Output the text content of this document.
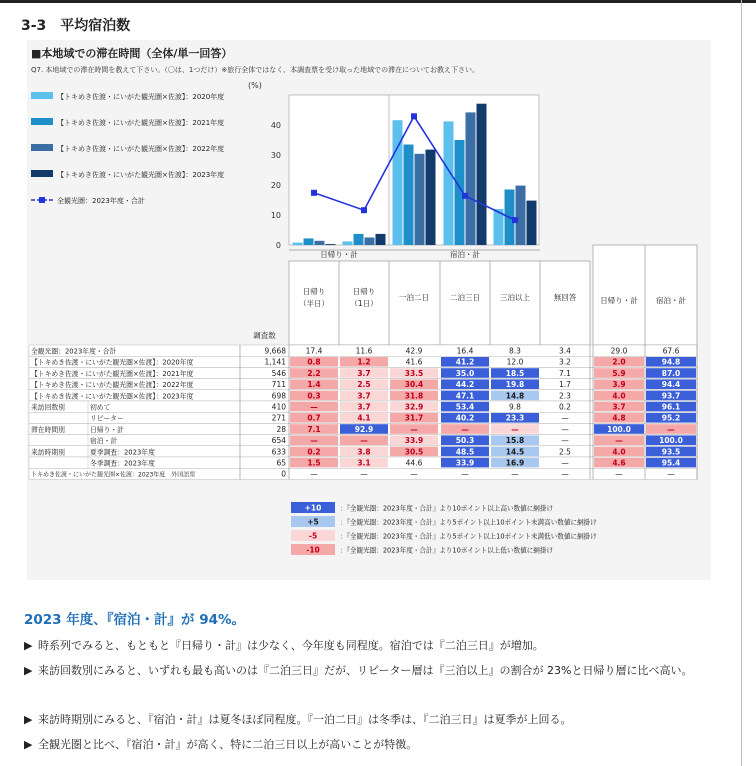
3-3　平均宿泊数
■本地域での滞在時間（全体/単一回答）
Q7. 本地域での滞在時間を教えて下さい。（〇は、1つだけ）※旅行全体ではなく、本調査票を受け取った地域での滞在についてお教え下さい。
0
10
20
30
40
(%)
【トキめき佐渡・にいがた観光圏×佐渡】：2020年度
【トキめき佐渡・にいがた観光圏×佐渡】：2021年度
【トキめき佐渡・にいがた観光圏×佐渡】：2022年度
【トキめき佐渡・にいがた観光圏×佐渡】：2023年度
全観光圏：2023年度・合計
日帰り・計	宿泊・計
日帰り
（半日）
日帰り
（1日）
一泊二日	二泊三日	三泊以上	無回答	日帰り・計 宿泊・計
調査数
全観光圏：2023年度・合計	9,668	17.4	11.6	42.9	16.4	8.3	3.4	29.0	67.6
【トキめき佐渡・にいがた観光圏×佐渡】：2020年度	1,141	0.8	1.2	41.6	41.2	12.0	3.2	2.0	94.8
【トキめき佐渡・にいがた観光圏×佐渡】：2021年度	546	2.2	3.7	33.5	35.0	18.5	7.1	5.9	87.0
【トキめき佐渡・にいがた観光圏×佐渡】：2022年度	711	1.4	2.5	30.4	44.2	19.8	1.7	3.9	94.4
【トキめき佐渡・にいがた観光圏×佐渡】：2023年度	698	0.3	3.7	31.8	47.1	14.8	2.3	4.0	93.7
来訪回数別	初めて	410	—	3.7	32.9	53.4	9.8	0.2	3.7	96.1
リピーター	271	0.7	4.1	31.7	40.2	23.3	—	4.8	95.2
滞在時間別	日帰り・計	28	7.1	92.9	—	—	—	—	100.0	—
宿泊・計	654	—	—	33.9	50.3	15.8	—	—	100.0
来訪時期別	夏季調査：2023年度	633	0.2	3.8	30.5	48.5	14.5	2.5	4.0	93.5
冬季調査：2023年度	65	1.5	3.1	44.6	33.9	16.9	—	4.6	95.4
トキめき佐渡・にいがた観光圏×佐渡：2023年度　外国語票	0	—	—	—	—	—	—	—	—
+10	：『全観光圏：2023年度・合計』より10ポイント以上高い数値に網掛け
+5	：『全観光圏：2023年度・合計』より5ポイント以上10ポイント未満高い数値に網掛け
-5	：『全観光圏：2023年度・合計』より5ポイント以上10ポイント未満低い数値に網掛け
-10	：『全観光圏：2023年度・合計』より10ポイント以上低い数値に網掛け
2023 年度、『宿泊・計』が 94%。
▶ 時系列でみると、もともと『日帰り・計』は少なく、今年度も同程度。宿泊では『二泊三日』が増加。
▶ 来訪回数別にみると、いずれも最も高いのは『二泊三日』だが、リピーター層は『三泊以上』の割合が 23%と日帰り層に比べ高い。
▶ 来訪時期別にみると、『宿泊・計』は夏冬ほぼ同程度。『一泊二日』は冬季は、『二泊三日』は夏季が上回る。
▶ 全観光圏と比べ、『宿泊・計』が高く、特に二泊三日以上が高いことが特徴。
